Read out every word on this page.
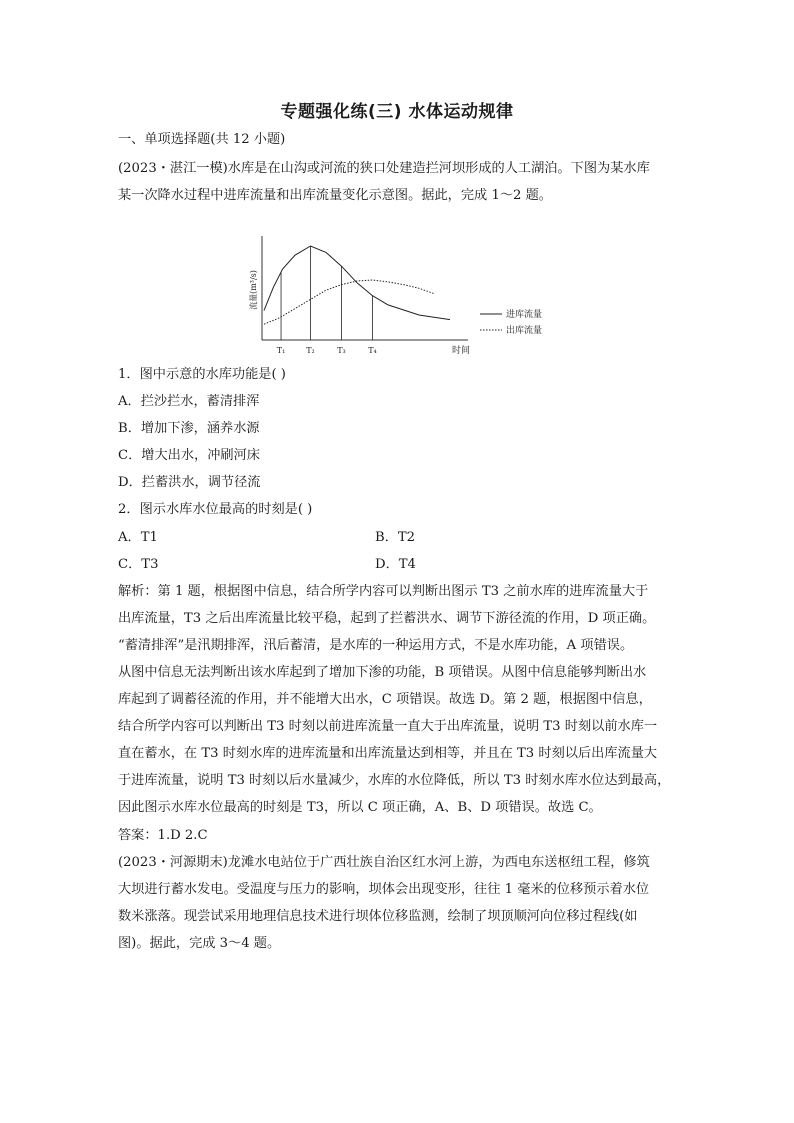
专题强化练(三) 水体运动规律
一、单项选择题(共 12 小题)
(2023・湛江一模)水库是在山沟或河流的狭口处建造拦河坝形成的人工湖泊。下图为某水库
某一次降水过程中进库流量和出库流量变化示意图。据此，完成 1～2 题。
流量(m³/s)
T₁	T₂	T₃	T₄	时间
进库流量
出库流量
1．图中示意的水库功能是( )
A．拦沙拦水，蓄清排浑
B．增加下渗，涵养水源
C．增大出水，冲刷河床
D．拦蓄洪水，调节径流
2．图示水库水位最高的时刻是( )
A．T1	B．T2
C．T3	D．T4
解析：第 1 题，根据图中信息，结合所学内容可以判断出图示 T3 之前水库的进库流量大于
出库流量，T3 之后出库流量比较平稳，起到了拦蓄洪水、调节下游径流的作用，D 项正确。
“蓄清排浑”是汛期排浑，汛后蓄清，是水库的一种运用方式，不是水库功能，A 项错误。
从图中信息无法判断出该水库起到了增加下渗的功能，B 项错误。从图中信息能够判断出水
库起到了调蓄径流的作用，并不能增大出水，C 项错误。故选 D。第 2 题，根据图中信息，
结合所学内容可以判断出 T3 时刻以前进库流量一直大于出库流量，说明 T3 时刻以前水库一
直在蓄水，在 T3 时刻水库的进库流量和出库流量达到相等，并且在 T3 时刻以后出库流量大
于进库流量，说明 T3 时刻以后水量减少，水库的水位降低，所以 T3 时刻水库水位达到最高，
因此图示水库水位最高的时刻是 T3，所以 C 项正确，A、B、D 项错误。故选 C。
答案：1.D 2.C
(2023・河源期末)龙滩水电站位于广西壮族自治区红水河上游，为西电东送枢纽工程，修筑
大坝进行蓄水发电。受温度与压力的影响，坝体会出现变形，往往 1 毫米的位移预示着水位
数米涨落。现尝试采用地理信息技术进行坝体位移监测，绘制了坝顶顺河向位移过程线(如
图)。据此，完成 3～4 题。
